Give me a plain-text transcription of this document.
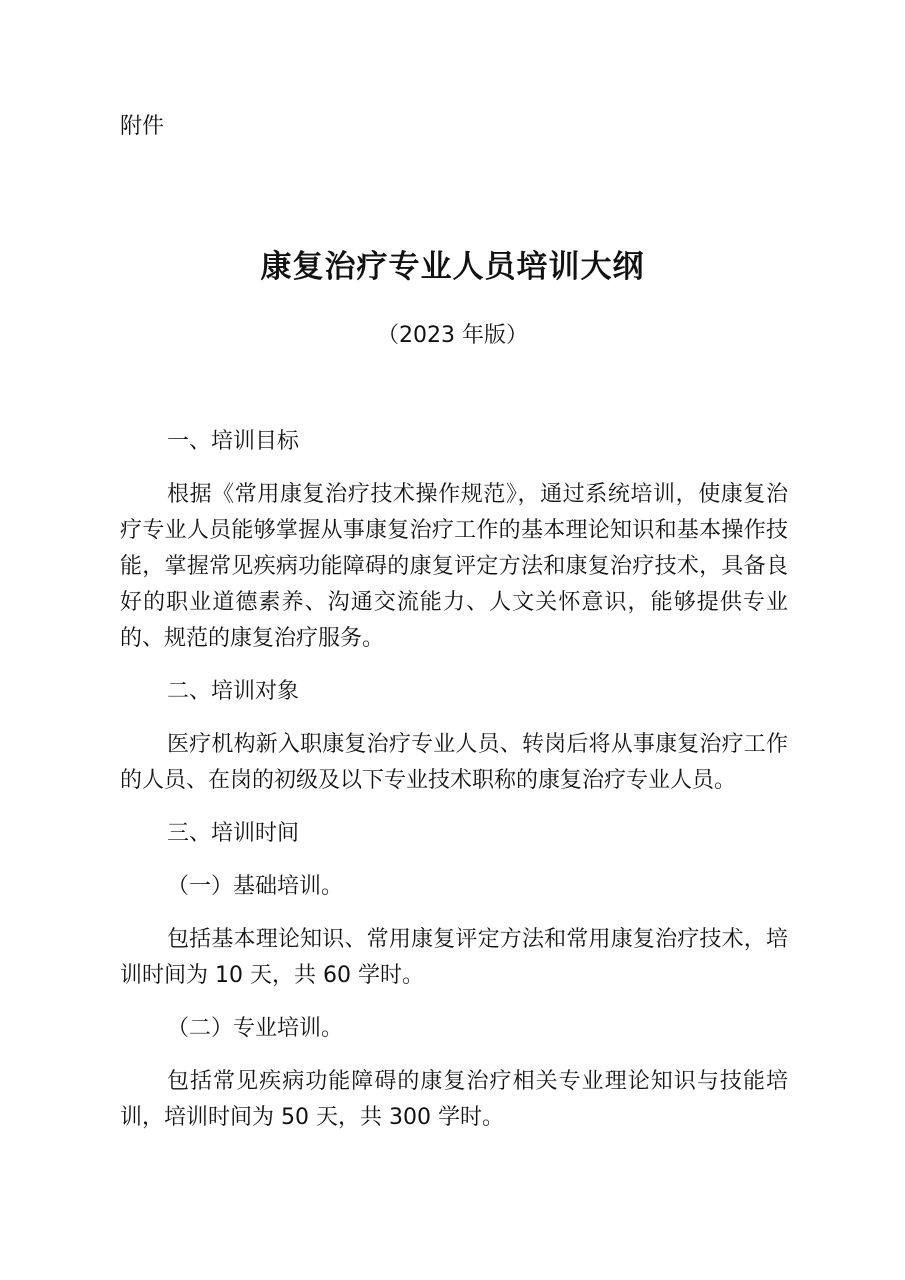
附件

康复治疗专业人员培训大纲

（2023 年版）

一、培训目标

根据《常用康复治疗技术操作规范》，通过系统培训，使康复治疗专业人员能够掌握从事康复治疗工作的基本理论知识和基本操作技能，掌握常见疾病功能障碍的康复评定方法和康复治疗技术，具备良好的职业道德素养、沟通交流能力、人文关怀意识，能够提供专业的、规范的康复治疗服务。

二、培训对象

医疗机构新入职康复治疗专业人员、转岗后将从事康复治疗工作的人员、在岗的初级及以下专业技术职称的康复治疗专业人员。

三、培训时间

（一）基础培训。

包括基本理论知识、常用康复评定方法和常用康复治疗技术，培训时间为 10 天，共 60 学时。

（二）专业培训。

包括常见疾病功能障碍的康复治疗相关专业理论知识与技能培训，培训时间为 50 天，共 300 学时。
